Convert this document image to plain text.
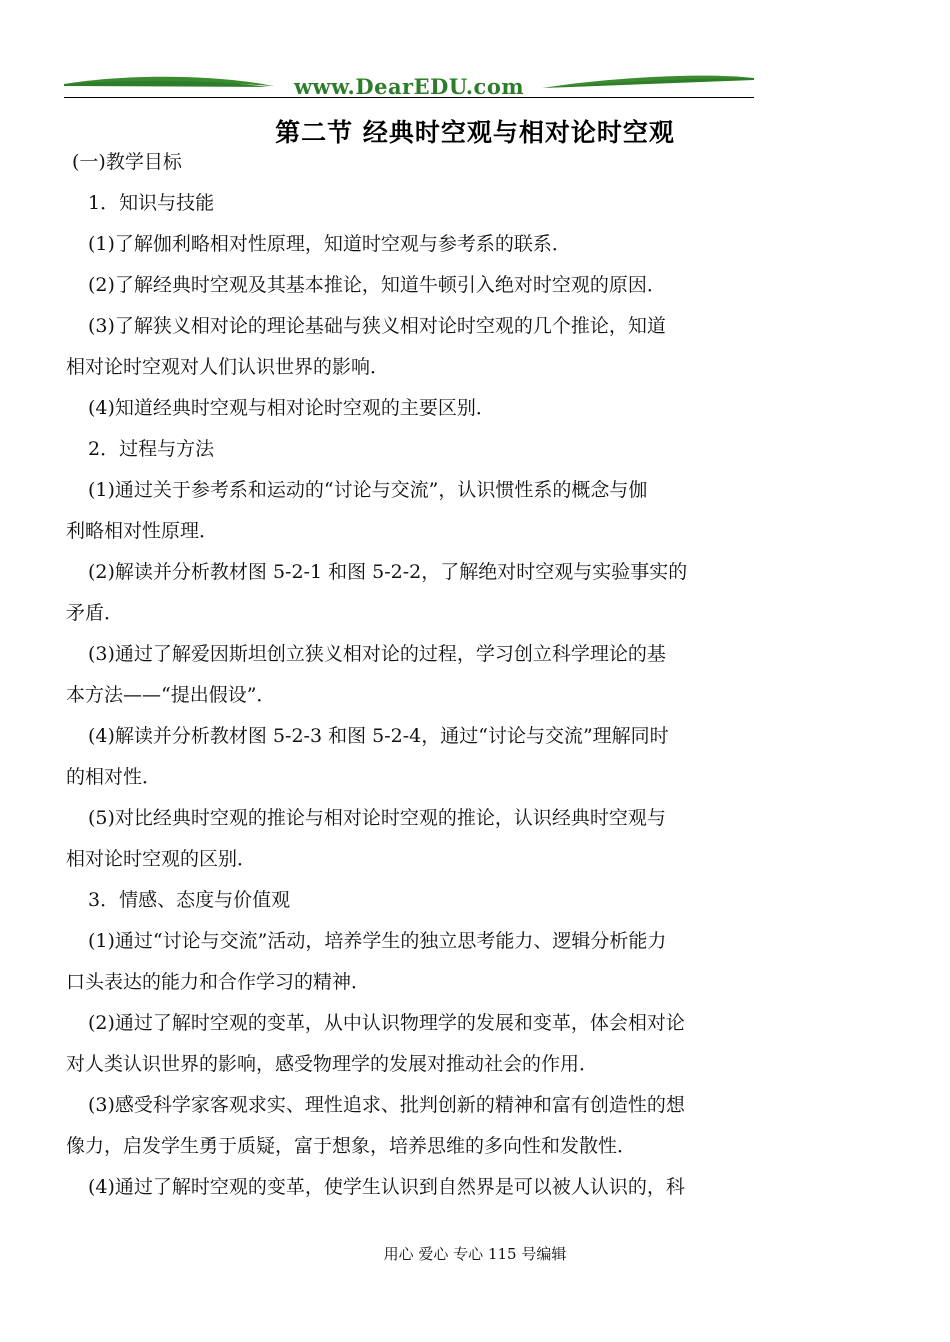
www.DearEDU.com
第二节 经典时空观与相对论时空观
(一)教学目标
1．知识与技能
(1)了解伽利略相对性原理，知道时空观与参考系的联系．
(2)了解经典时空观及其基本推论，知道牛顿引入绝对时空观的原因．
(3)了解狭义相对论的理论基础与狭义相对论时空观的几个推论，知道
相对论时空观对人们认识世界的影响．
(4)知道经典时空观与相对论时空观的主要区别．
2．过程与方法
(1)通过关于参考系和运动的“讨论与交流”，认识惯性系的概念与伽
利略相对性原理．
(2)解读并分析教材图 5-2-1 和图 5-2-2，了解绝对时空观与实验事实的
矛盾．
(3)通过了解爱因斯坦创立狭义相对论的过程，学习创立科学理论的基
本方法——“提出假设”．
(4)解读并分析教材图 5-2-3 和图 5-2-4，通过“讨论与交流”理解同时
的相对性．
(5)对比经典时空观的推论与相对论时空观的推论，认识经典时空观与
相对论时空观的区别．
3．情感、态度与价值观
(1)通过“讨论与交流”活动，培养学生的独立思考能力、逻辑分析能力
口头表达的能力和合作学习的精神．
(2)通过了解时空观的变革，从中认识物理学的发展和变革，体会相对论
对人类认识世界的影响，感受物理学的发展对推动社会的作用．
(3)感受科学家客观求实、理性追求、批判创新的精神和富有创造性的想
像力，启发学生勇于质疑，富于想象，培养思维的多向性和发散性．
(4)通过了解时空观的变革，使学生认识到自然界是可以被人认识的，科
用心 爱心 专心 115 号编辑
